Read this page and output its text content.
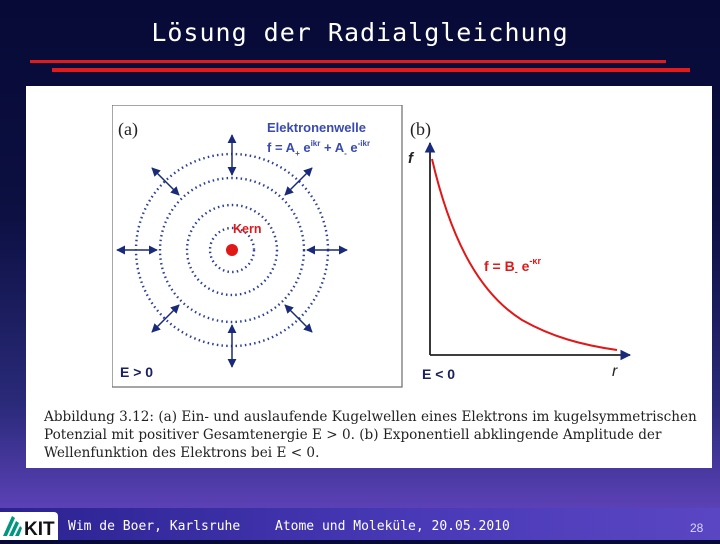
Lösung der Radialgleichung
(a)
Kern
Elektronenwelle
$f = A_+$ $e^{ikr} + A_-$ $e^{-ikr}$
E > 0
(b)
f
$f = B_-$ $e^{-\kappa r}$
r
E < 0
Abbildung 3.12: (a) Ein- und auslaufende Kugelwellen eines Elektrons im kugelsymmetrischen Potenzial mit positiver Gesamtenergie E > 0. (b) Exponentiell abklingende Amplitude der Wellenfunktion des Elektrons bei E < 0.
KIT Wim de Boer, Karlsruhe	Atome und Moleküle, 20.05.2010	28
